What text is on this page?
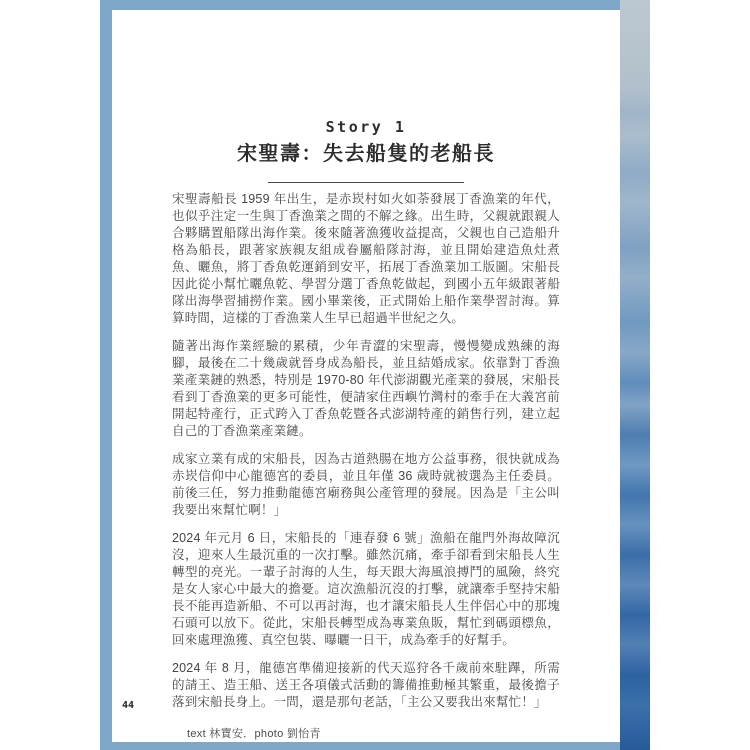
Story 1
宋聖壽：失去船隻的老船長

宋聖壽船長 1959 年出生，是赤崁村如火如荼發展丁香漁業的年代，也似乎注定一生與丁香漁業之間的不解之緣。出生時，父親就跟親人合夥購置船隊出海作業。後來隨著漁獲收益提高，父親也自己造船升格為船長，跟著家族親友組成眷屬船隊討海，並且開始建造魚灶煮魚、曬魚，將丁香魚乾運銷到安平，拓展丁香漁業加工版圖。宋船長因此從小幫忙曬魚乾、學習分選丁香魚乾做起，到國小五年級跟著船隊出海學習捕撈作業。國小畢業後，正式開始上船作業學習討海。算算時間，這樣的丁香漁業人生早已超過半世紀之久。

隨著出海作業經驗的累積，少年青澀的宋聖壽，慢慢變成熟練的海腳，最後在二十幾歲就晉身成為船長，並且結婚成家。依靠對丁香漁業產業鏈的熟悉，特別是 1970-80 年代澎湖觀光產業的發展，宋船長看到丁香漁業的更多可能性，便請家住西嶼竹灣村的牽手在大義宮前開起特產行，正式跨入丁香魚乾暨各式澎湖特產的銷售行列，建立起自己的丁香漁業產業鏈。

成家立業有成的宋船長，因為古道熱腸在地方公益事務，很快就成為赤崁信仰中心龍德宮的委員，並且年僅 36 歲時就被選為主任委員。前後三任，努力推動龍德宮廟務與公產管理的發展。因為是「主公叫我要出來幫忙啊！」

2024 年元月 6 日，宋船長的「連春發 6 號」漁船在龍門外海故障沉沒，迎來人生最沉重的一次打擊。雖然沉痛，牽手卻看到宋船長人生轉型的亮光。一輩子討海的人生，每天跟大海風浪搏鬥的風險，終究是女人家心中最大的擔憂。這次漁船沉沒的打擊，就讓牽手堅持宋船長不能再造新船、不可以再討海，也才讓宋船長人生伴侶心中的那塊石頭可以放下。從此，宋船長轉型成為專業魚販，幫忙到碼頭標魚，回來處理漁獲、真空包裝、曝曬一日干，成為牽手的好幫手。

2024 年 8 月，龍德宮準備迎接新的代天巡狩各千歲前來駐蹕，所需的請王、造王船、送王各項儀式活動的籌備推動極其繁重，最後擔子落到宋船長身上。一問，還是那句老話，「主公又要我出來幫忙！」

text 林寶安．photo 劉怡青
44
